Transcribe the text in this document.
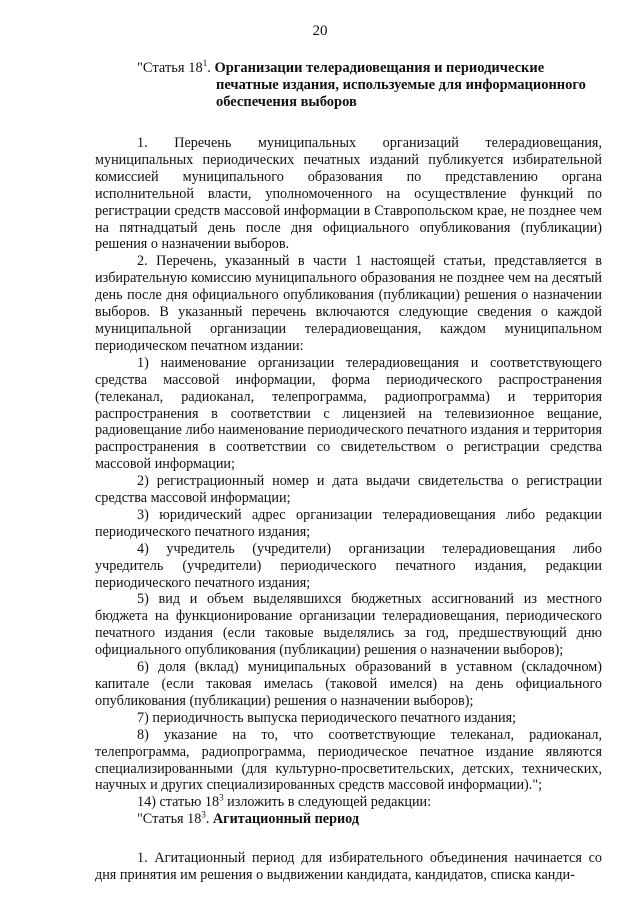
20
"Статья $18^1$. Организации телерадиовещания и периодические
печатные издания, используемые для информационного обеспечения выборов

1. Перечень муниципальных организаций телерадиовещания, муниципальных периодических печатных изданий публикуется избирательной комиссией муниципального образования по представлению органа исполнительной власти, уполномоченного на осуществление функций по регистрации средств массовой информации в Ставропольском крае, не позднее чем на пятнадцатый день после дня официального опубликования (публикации) решения о назначении выборов.

2. Перечень, указанный в части 1 настоящей статьи, представляется в избирательную комиссию муниципального образования не позднее чем на десятый день после дня официального опубликования (публикации) решения о назначении выборов. В указанный перечень включаются следующие сведения о каждой муниципальной организации телерадиовещания, каждом муниципальном периодическом печатном издании:

1) наименование организации телерадиовещания и соответствующего средства массовой информации, форма периодического распространения (телеканал, радиоканал, телепрограмма, радиопрограмма) и территория распространения в соответствии с лицензией на телевизионное вещание, радиовещание либо наименование периодического печатного издания и территория распространения в соответствии со свидетельством о регистрации средства массовой информации;

2) регистрационный номер и дата выдачи свидетельства о регистрации средства массовой информации;

3) юридический адрес организации телерадиовещания либо редакции периодического печатного издания;

4) учредитель (учредители) организации телерадиовещания либо учредитель (учредители) периодического печатного издания, редакции периодического печатного издания;

5) вид и объем выделявшихся бюджетных ассигнований из местного бюджета на функционирование организации телерадиовещания, периодического печатного издания (если таковые выделялись за год, предшествующий дню официального опубликования (публикации) решения о назначении выборов);

6) доля (вклад) муниципальных образований в уставном (складочном) капитале (если таковая имелась (таковой имелся) на день официального опубликования (публикации) решения о назначении выборов);

7) периодичность выпуска периодического печатного издания;

8) указание на то, что соответствующие телеканал, радиоканал, телепрограмма, радиопрограмма, периодическое печатное издание являются специализированными (для культурно-просветительских, детских, технических, научных и других специализированных средств массовой информации).";

14) статью $18^3$ изложить в следующей редакции:

"Статья $18^3$. Агитационный период

1. Агитационный период для избирательного объединения начинается со дня принятия им решения о выдвижении кандидата, кандидатов, списка канди-
